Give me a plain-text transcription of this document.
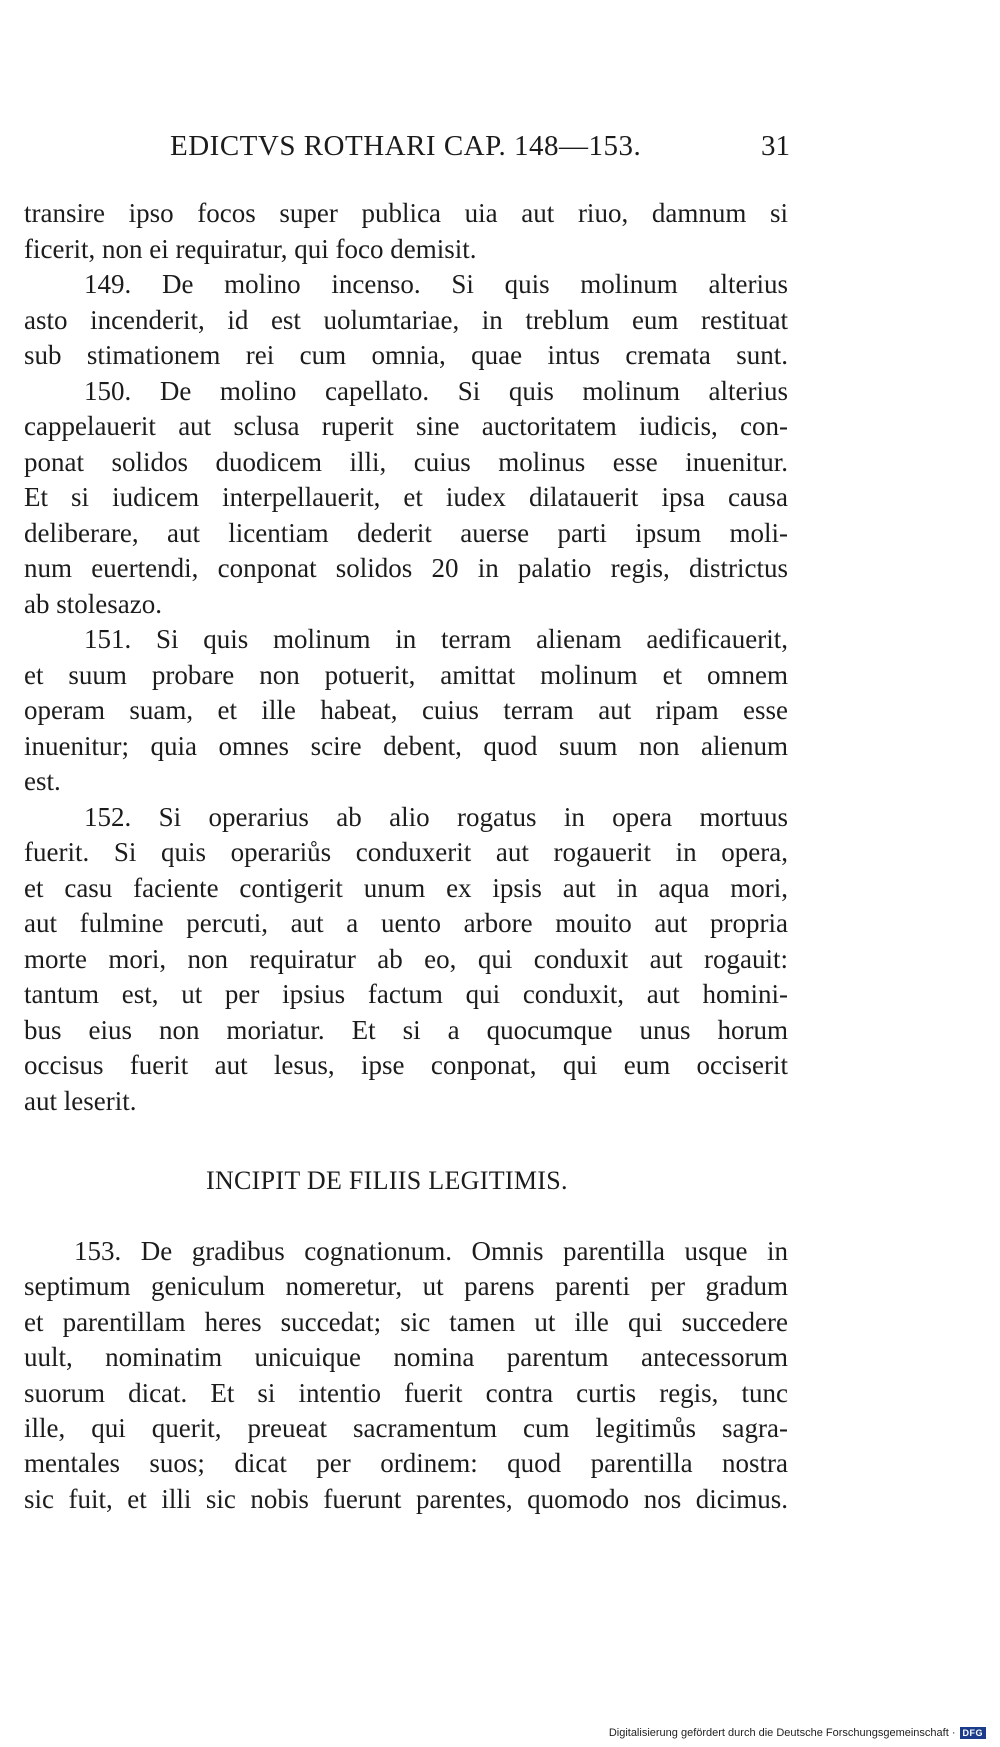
EDICTVS ROTHARI CAP. 148—153.	31
transire ipso focos super publica uia aut riuo, damnum si
ficerit, non ei requiratur, qui foco demisit.
149. De molino incenso. Si quis molinum alterius
asto incenderit, id est uolumtariae, in treblum eum restituat
sub stimationem rei cum omnia, quae intus cremata sunt.
150. De molino capellato. Si quis molinum alterius
cappelauerit aut sclusa ruperit sine auctoritatem iudicis, con-
ponat solidos duodicem illi, cuius molinus esse inuenitur.
Et si iudicem interpellauerit, et iudex dilatauerit ipsa causa
deliberare, aut licentiam dederit auerse parti ipsum moli-
num euertendi, conponat solidos 20 in palatio regis, districtus
ab stolesazo.
151. Si quis molinum in terram alienam aedificauerit,
et suum probare non potuerit, amittat molinum et omnem
operam suam, et ille habeat, cuius terram aut ripam esse
inuenitur; quia omnes scire debent, quod suum non alienum
est.
152. Si operarius ab alio rogatus in opera mortuus
fuerit. Si quis operariůs conduxerit aut rogauerit in opera,
et casu faciente contigerit unum ex ipsis aut in aqua mori,
aut fulmine percuti, aut a uento arbore mouito aut propria
morte mori, non requiratur ab eo, qui conduxit aut rogauit:
tantum est, ut per ipsius factum qui conduxit, aut homini-
bus eius non moriatur. Et si a quocumque unus horum
occisus fuerit aut lesus, ipse conponat, qui eum occiserit
aut leserit.
INCIPIT DE FILIIS LEGITIMIS.
153. De gradibus cognationum. Omnis parentilla usque in
septimum geniculum nomeretur, ut parens parenti per gradum
et parentillam heres succedat; sic tamen ut ille qui succedere
uult, nominatim unicuique nomina parentum antecessorum
suorum dicat. Et si intentio fuerit contra curtis regis, tunc
ille, qui querit, preueat sacramentum cum legitimůs sagra-
mentales suos; dicat per ordinem: quod parentilla nostra
sic fuit, et illi sic nobis fuerunt parentes, quomodo nos dicimus.
Digitalisierung gefördert durch die Deutsche Forschungsgemeinschaft · DFG
